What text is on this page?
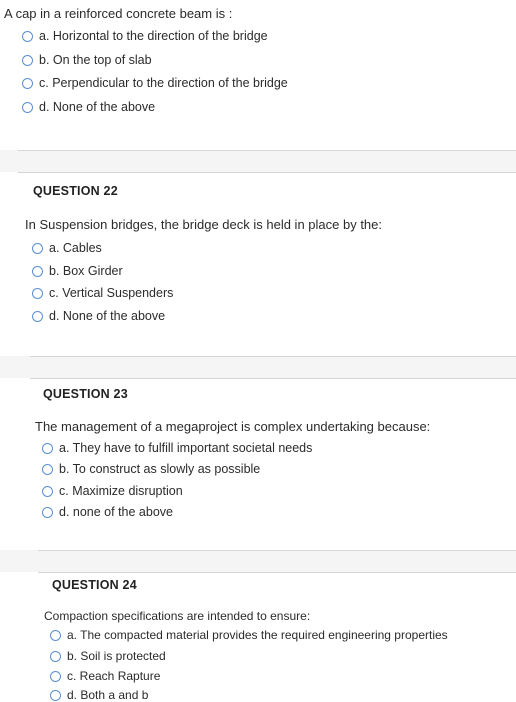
A cap in a reinforced concrete beam is :
a. Horizontal to the direction of the bridge
b. On the top of slab
c. Perpendicular to the direction of the bridge
d. None of the above
QUESTION 22
In Suspension bridges, the bridge deck is held in place by the:
a. Cables
b. Box Girder
c. Vertical Suspenders
d. None of the above
QUESTION 23
The management of a megaproject is complex undertaking because:
a. They have to fulfill important societal needs
b. To construct as slowly as possible
c. Maximize disruption
d. none of the above
QUESTION 24
Compaction specifications are intended to ensure:
a. The compacted material provides the required engineering properties
b. Soil is protected
c. Reach Rapture
d. Both a and b
